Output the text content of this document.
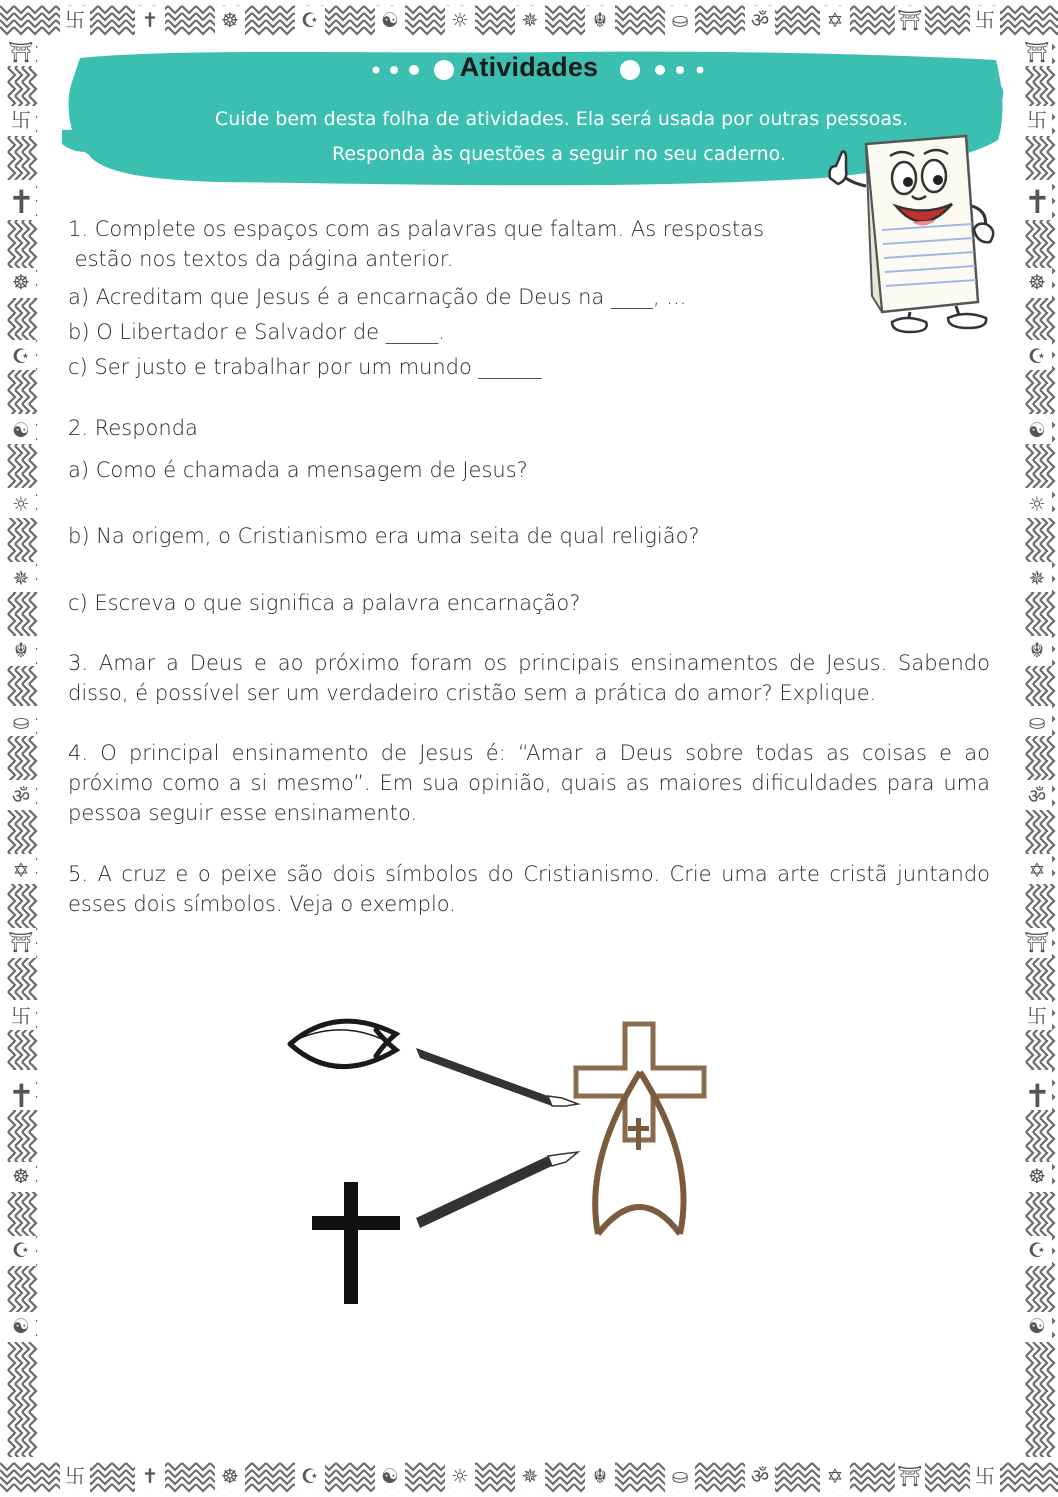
卐	✝	☸	☪	☯	☼	✵	☬	⛀	ॐ	✡	⛩	卐
卐	✝	☸	☪	☯	☼	✵	☬	⛀	ॐ	✡	⛩	卐
⛩
卐
✝
☸
☪
☯
☼
✵
☬
⛀
ॐ
✡
⛩
卐
✝
☸
☪
☯
⛩
卐
✝
☸
☪
☯
☼
✵
☬
⛀
ॐ
✡
⛩
卐
✝
☸
☪
☯
Atividades
Cuide bem desta folha de atividades. Ela será usada por outras pessoas.
Responda às questões a seguir no seu caderno.
1. Complete os espaços com as palavras que faltam. As respostas
estão nos textos da página anterior.
a) Acreditam que Jesus é a encarnação de Deus na ____, ...
b) O Libertador e Salvador de _____.
c) Ser justo e trabalhar por um mundo ______
2. Responda
a) Como é chamada a mensagem de Jesus?
b) Na origem, o Cristianismo era uma seita de qual religião?
c) Escreva o que significa a palavra encarnação?
3. Amar a Deus e ao próximo foram os principais ensinamentos de Jesus. Sabendo disso, é possível ser um verdadeiro cristão sem a prática do amor? Explique.
4. O principal ensinamento de Jesus é: “Amar a Deus sobre todas as coisas e ao próximo como a si mesmo”. Em sua opinião, quais as maiores dificuldades para uma pessoa seguir esse ensinamento.
5. A cruz e o peixe são dois símbolos do Cristianismo. Crie uma arte cristã juntando esses dois símbolos. Veja o exemplo.
